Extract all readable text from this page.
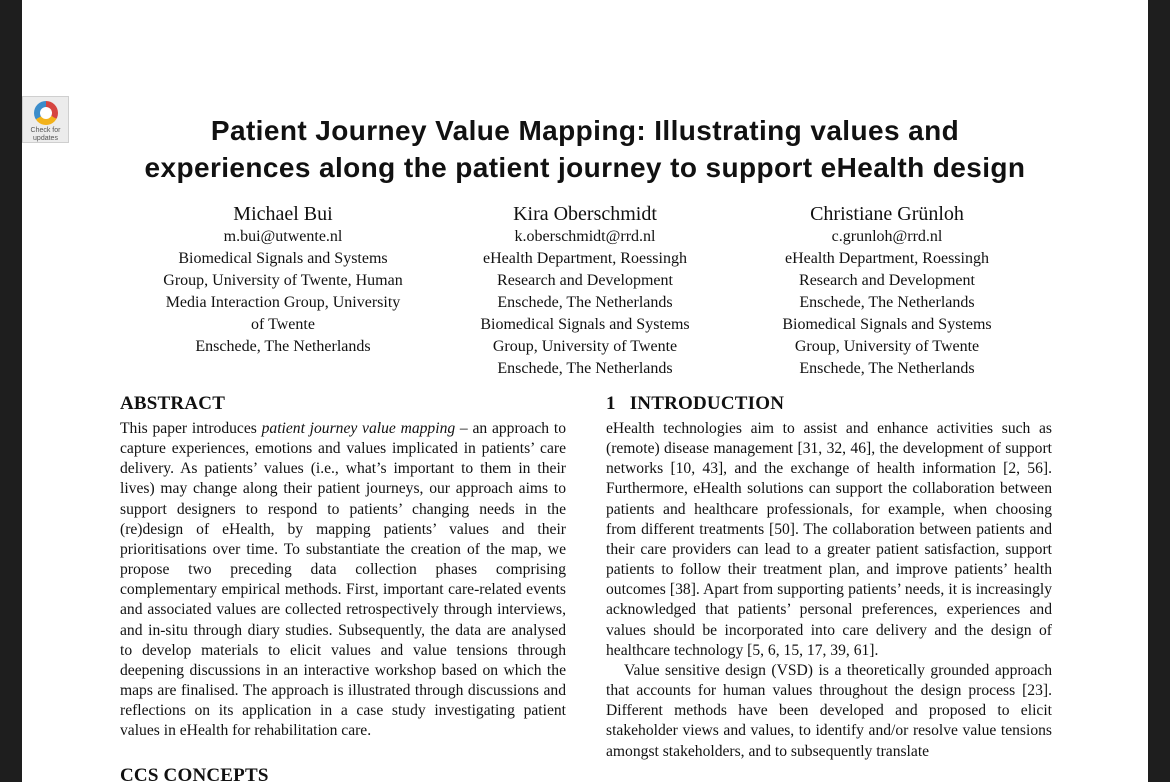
Check for
updates	Patient Journey Value Mapping: Illustrating values and
experiences along the patient journey to support eHealth design
Michael Bui
m.bui@utwente.nl
Biomedical Signals and Systems
Group, University of Twente, Human
Media Interaction Group, University
of Twente
Enschede, The Netherlands
Kira Oberschmidt
k.oberschmidt@rrd.nl
eHealth Department, Roessingh
Research and Development
Enschede, The Netherlands
Biomedical Signals and Systems
Group, University of Twente
Enschede, The Netherlands
Christiane Grünloh
c.grunloh@rrd.nl
eHealth Department, Roessingh
Research and Development
Enschede, The Netherlands
Biomedical Signals and Systems
Group, University of Twente
Enschede, The Netherlands
ABSTRACT

This paper introduces patient journey value mapping – an approach to capture experiences, emotions and values implicated in patients’ care delivery. As patients’ values (i.e., what’s important to them in their lives) may change along their patient journeys, our approach aims to support designers to respond to patients’ changing needs in the (re)design of eHealth, by mapping patients’ values and their prioritisations over time. To substantiate the creation of the map, we propose two preceding data collection phases comprising complementary empirical methods. First, important care-related events and associated values are collected retrospectively through interviews, and in-situ through diary studies. Subsequently, the data are analysed to develop materials to elicit values and value tensions through deepening discussions in an interactive workshop based on which the maps are finalised. The approach is illustrated through discussions and reflections on its application in a case study investigating patient values in eHealth for rehabilitation care.

CCS CONCEPTS
1 INTRODUCTION

eHealth technologies aim to assist and enhance activities such as (remote) disease management [31, 32, 46], the development of support networks [10, 43], and the exchange of health information [2, 56]. Furthermore, eHealth solutions can support the collaboration between patients and healthcare professionals, for example, when choosing from different treatments [50]. The collaboration between patients and their care providers can lead to a greater patient satisfaction, support patients to follow their treatment plan, and improve patients’ health outcomes [38]. Apart from supporting patients’ needs, it is increasingly acknowledged that patients’ personal preferences, experiences and values should be incorporated into care delivery and the design of healthcare technology [5, 6, 15, 17, 39, 61].

Value sensitive design (VSD) is a theoretically grounded approach that accounts for human values throughout the design process [23]. Different methods have been developed and proposed to elicit stakeholder views and values, to identify and/or resolve value tensions amongst stakeholders, and to subsequently translate
